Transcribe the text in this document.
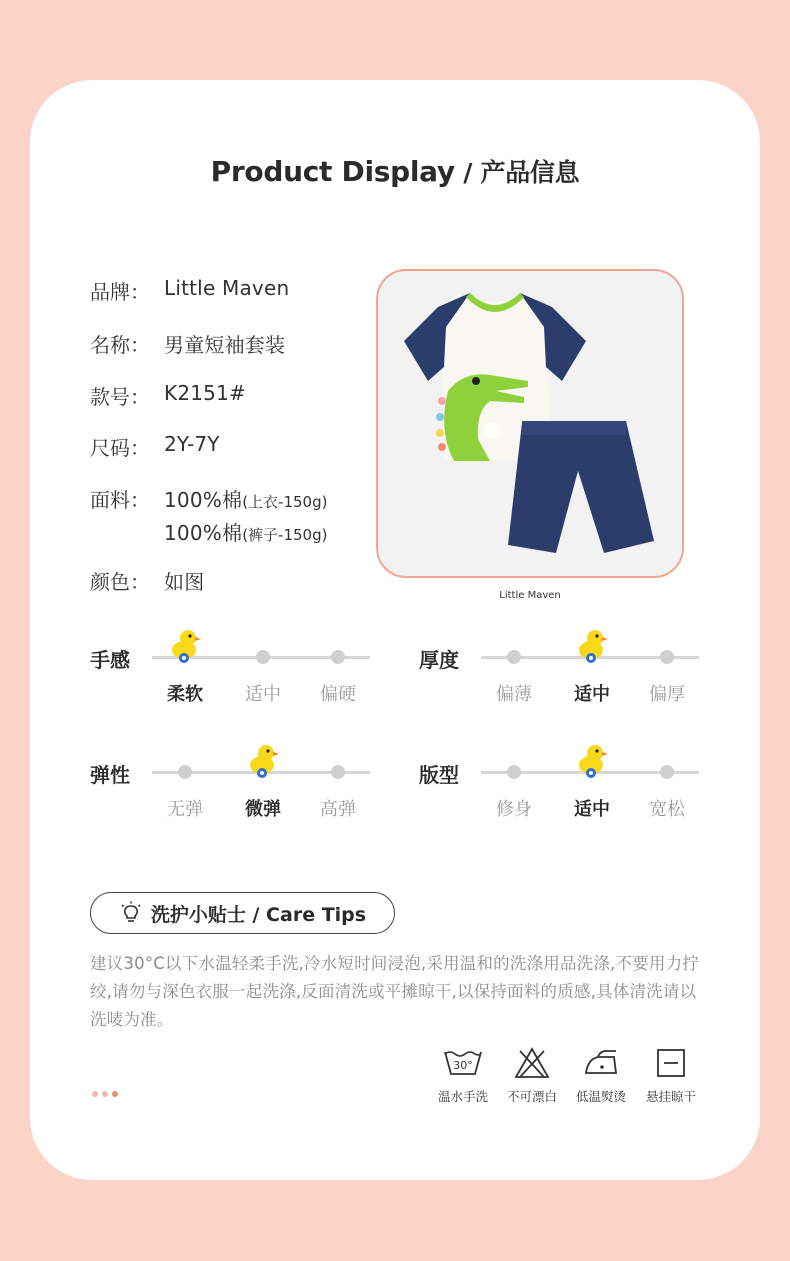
Product Display / 产品信息
品牌： Little Maven
名称： 男童短袖套装
款号： K2151#
尺码： 2Y-7Y
面料： 100%棉(上衣-150g)
100%棉(裤子-150g)
颜色： 如图
Little Maven
手感
柔软	适中	偏硬
厚度
偏薄	适中	偏厚
弹性
无弹	微弹	高弹
版型
修身	适中	宽松
洗护小贴士 / Care Tips
建议30°C以下水温轻柔手洗,冷水短时间浸泡,采用温和的洗涤用品洗涤,不要用力拧绞,请勿与深色衣服一起洗涤,反面清洗或平摊晾干,以保持面料的质感,具体清洗请以洗唛为准。
30°
温水手洗	不可漂白	低温熨烫	悬挂晾干
